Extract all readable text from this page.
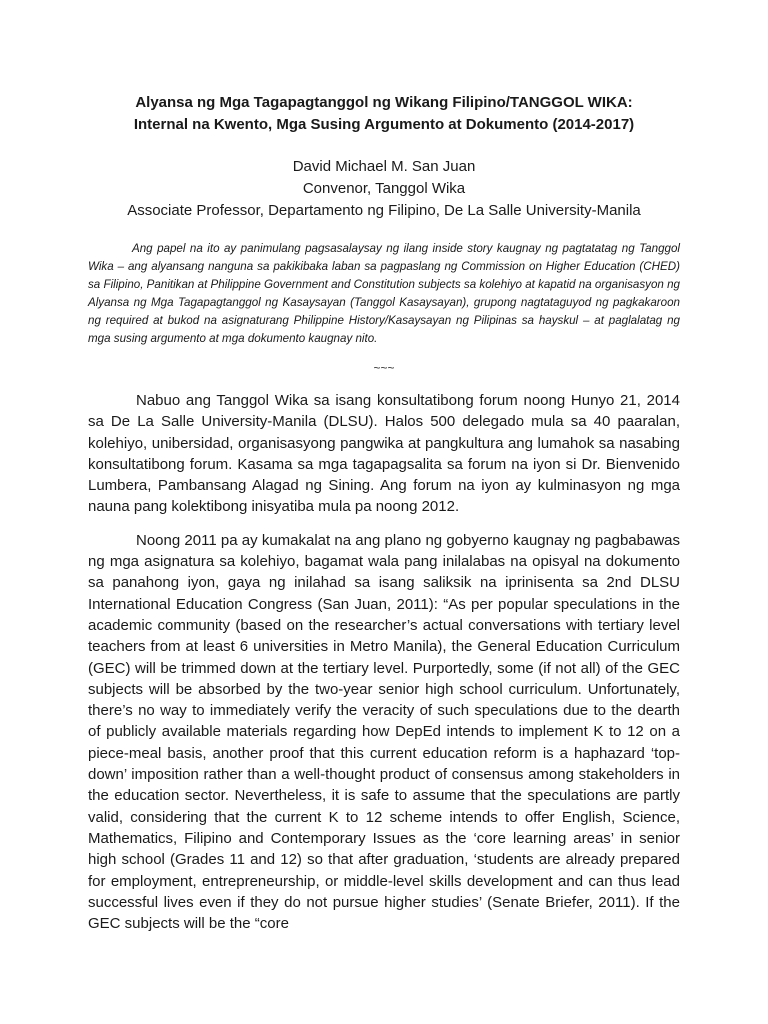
Alyansa ng Mga Tagapagtanggol ng Wikang Filipino/TANGGOL WIKA:
Internal na Kwento, Mga Susing Argumento at Dokumento (2014-2017)
David Michael M. San Juan
Convenor, Tanggol Wika
Associate Professor, Departamento ng Filipino, De La Salle University-Manila

Ang papel na ito ay panimulang pagsasalaysay ng ilang inside story kaugnay ng pagtatatag ng Tanggol Wika – ang alyansang nanguna sa pakikibaka laban sa pagpaslang ng Commission on Higher Education (CHED) sa Filipino, Panitikan at Philippine Government and Constitution subjects sa kolehiyo at kapatid na organisasyon ng Alyansa ng Mga Tagapagtanggol ng Kasaysayan (Tanggol Kasaysayan), grupong nagtataguyod ng pagkakaroon ng required at bukod na asignaturang Philippine History/Kasaysayan ng Pilipinas sa hayskul – at paglalatag ng mga susing argumento at mga dokumento kaugnay nito.

~~~

Nabuo ang Tanggol Wika sa isang konsultatibong forum noong Hunyo 21, 2014 sa De La Salle University-Manila (DLSU). Halos 500 delegado mula sa 40 paaralan, kolehiyo, unibersidad, organisasyong pangwika at pangkultura ang lumahok sa nasabing konsultatibong forum. Kasama sa mga tagapagsalita sa forum na iyon si Dr. Bienvenido Lumbera, Pambansang Alagad ng Sining. Ang forum na iyon ay kulminasyon ng mga nauna pang kolektibong inisyatiba mula pa noong 2012.

Noong 2011 pa ay kumakalat na ang plano ng gobyerno kaugnay ng pagbabawas ng mga asignatura sa kolehiyo, bagamat wala pang inilalabas na opisyal na dokumento sa panahong iyon, gaya ng inilahad sa isang saliksik na iprinisenta sa 2nd DLSU International Education Congress (San Juan, 2011): “As per popular speculations in the academic community (based on the researcher’s actual conversations with tertiary level teachers from at least 6 universities in Metro Manila), the General Education Curriculum (GEC) will be trimmed down at the tertiary level. Purportedly, some (if not all) of the GEC subjects will be absorbed by the two-year senior high school curriculum. Unfortunately, there’s no way to immediately verify the veracity of such speculations due to the dearth of publicly available materials regarding how DepEd intends to implement K to 12 on a piece-meal basis, another proof that this current education reform is a haphazard ‘top-down’ imposition rather than a well-thought product of consensus among stakeholders in the education sector. Nevertheless, it is safe to assume that the speculations are partly valid, considering that the current K to 12 scheme intends to offer English, Science, Mathematics, Filipino and Contemporary Issues as the ‘core learning areas’ in senior high school (Grades 11 and 12) so that after graduation, ‘students are already prepared for employment, entrepreneurship, or middle-level skills development and can thus lead successful lives even if they do not pursue higher studies’ (Senate Briefer, 2011). If the GEC subjects will be the “core
